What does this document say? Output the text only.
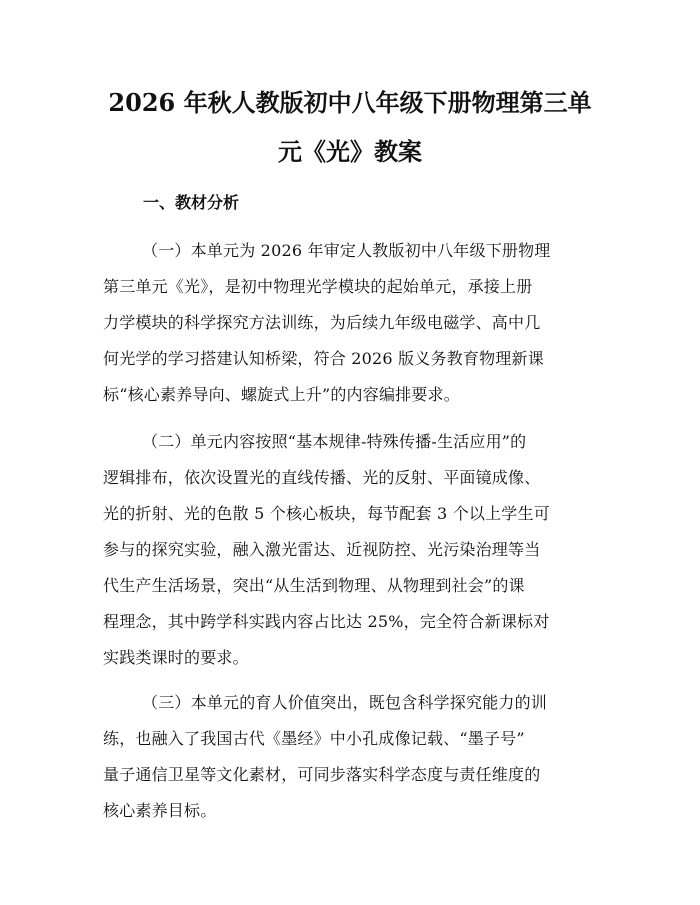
2026 年秋人教版初中八年级下册物理第三单
元《光》教案
一、教材分析
（一）本单元为 2026 年审定人教版初中八年级下册物理
第三单元《光》，是初中物理光学模块的起始单元，承接上册
力学模块的科学探究方法训练，为后续九年级电磁学、高中几
何光学的学习搭建认知桥梁，符合 2026 版义务教育物理新课
标“核心素养导向、螺旋式上升”的内容编排要求。
（二）单元内容按照“基本规律-特殊传播-生活应用”的
逻辑排布，依次设置光的直线传播、光的反射、平面镜成像、
光的折射、光的色散 5 个核心板块，每节配套 3 个以上学生可
参与的探究实验，融入激光雷达、近视防控、光污染治理等当
代生产生活场景，突出“从生活到物理、从物理到社会”的课
程理念，其中跨学科实践内容占比达 25%，完全符合新课标对
实践类课时的要求。
（三）本单元的育人价值突出，既包含科学探究能力的训
练，也融入了我国古代《墨经》中小孔成像记载、“墨子号”
量子通信卫星等文化素材，可同步落实科学态度与责任维度的
核心素养目标。
